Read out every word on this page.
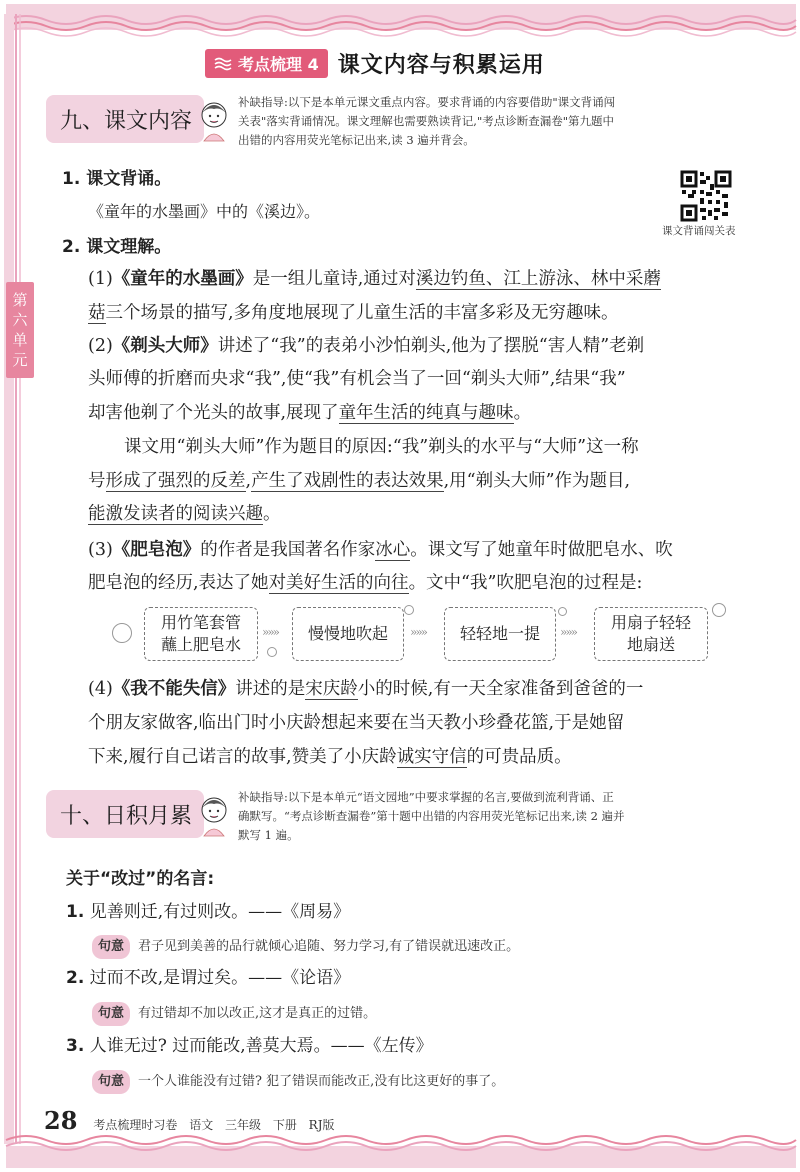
第
六
单
元
考点梳理 4 课文内容与积累运用
九、课文内容
补缺指导:以下是本单元课文重点内容。要求背诵的内容要借助"课文背诵闯
关表"落实背诵情况。课文理解也需要熟读背记,"考点诊断查漏卷"第九题中
出错的内容用荧光笔标记出来,读 3 遍并背会。
课文背诵闯关表
1. 课文背诵。
《童年的水墨画》中的《溪边》。
2. 课文理解。
(1)《童年的水墨画》是一组儿童诗,通过对溪边钓鱼、江上游泳、林中采蘑
菇三个场景的描写,多角度地展现了儿童生活的丰富多彩及无穷趣味。
(2)《剃头大师》讲述了“我”的表弟小沙怕剃头,他为了摆脱“害人精”老剃
头师傅的折磨而央求“我”,使“我”有机会当了一回“剃头大师”,结果“我”
却害他剃了个光头的故事,展现了童年生活的纯真与趣味。
课文用“剃头大师”作为题目的原因:“我”剃头的水平与“大师”这一称
号形成了强烈的反差,产生了戏剧性的表达效果,用“剃头大师”作为题目,
能激发读者的阅读兴趣。
(3)《肥皂泡》的作者是我国著名作家冰心。课文写了她童年时做肥皂水、吹
肥皂泡的经历,表达了她对美好生活的向往。文中“我”吹肥皂泡的过程是:
用竹笔套管
蘸上肥皂水
»»» 慢慢地吹起 »»» 轻轻地一提 »»» 用扇子轻轻
地扇送
(4)《我不能失信》讲述的是宋庆龄小的时候,有一天全家准备到爸爸的一
个朋友家做客,临出门时小庆龄想起来要在当天教小珍叠花篮,于是她留
下来,履行自己诺言的故事,赞美了小庆龄诚实守信的可贵品质。
十、日积月累
补缺指导:以下是本单元“语文园地”中要求掌握的名言,要做到流利背诵、正
确默写。“考点诊断查漏卷”第十题中出错的内容用荧光笔标记出来,读 2 遍并
默写 1 遍。
关于“改过”的名言:
1. 见善则迁,有过则改。——《周易》
句意 君子见到美善的品行就倾心追随、努力学习,有了错误就迅速改正。
2. 过而不改,是谓过矣。——《论语》
句意 有过错却不加以改正,这才是真正的过错。
3. 人谁无过? 过而能改,善莫大焉。——《左传》
句意 一个人谁能没有过错? 犯了错误而能改正,没有比这更好的事了。
28 考点梳理时习卷 语文 三年级 下册 RJ版
